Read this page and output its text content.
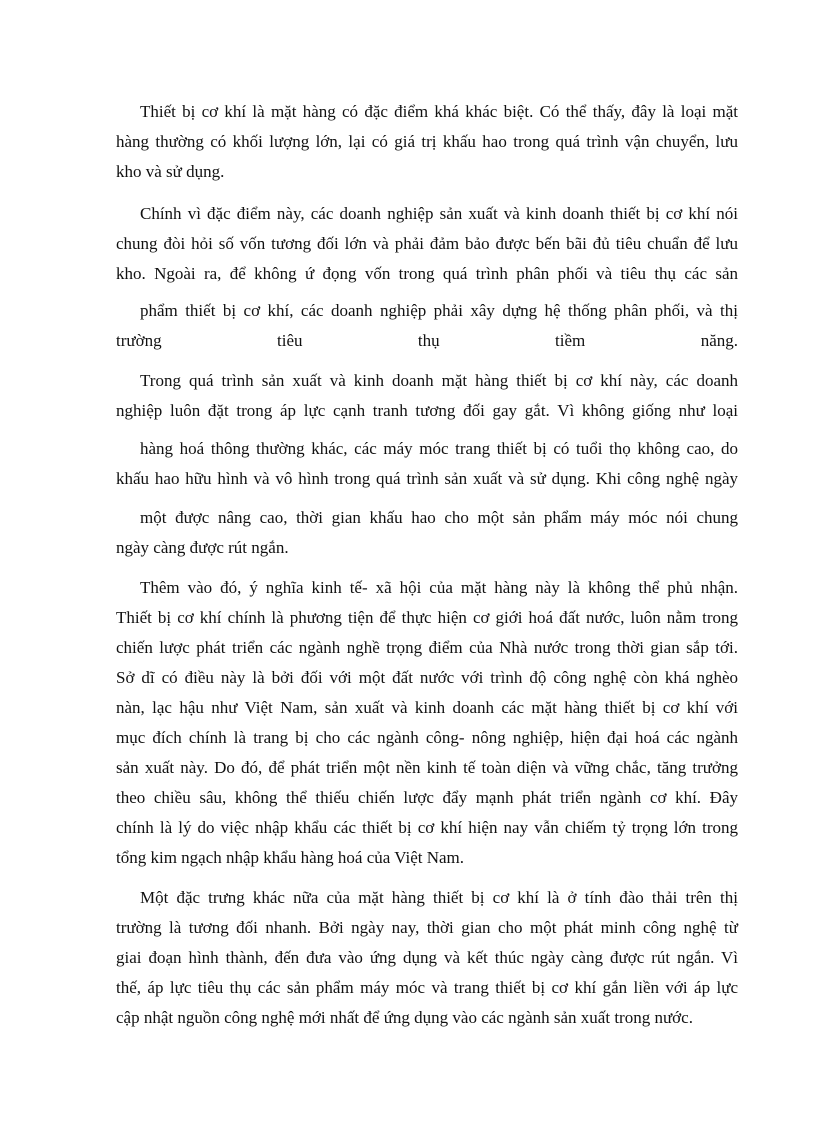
Thiết bị cơ khí là mặt hàng có đặc điểm khá khác biệt. Có thể thấy, đây là loại mặt
hàng thường có khối lượng lớn, lại có giá trị khấu hao trong quá trình vận chuyển, lưu
kho và sử dụng.
Chính vì đặc điểm này, các doanh nghiệp sản xuất và kinh doanh thiết bị cơ khí nói
chung đòi hỏi số vốn tương đối lớn và phải đảm bảo được bến bãi đủ tiêu chuẩn để lưu
kho. Ngoài ra, để không ứ đọng vốn trong quá trình phân phối và tiêu thụ các sản
phẩm thiết bị cơ khí, các doanh nghiệp phải xây dựng hệ thống phân phối, và thị
trường tiêu thụ tiềm năng.
Trong quá trình sản xuất và kinh doanh mặt hàng thiết bị cơ khí này, các doanh
nghiệp luôn đặt trong áp lực cạnh tranh tương đối gay gắt. Vì không giống như loại
hàng hoá thông thường khác, các máy móc trang thiết bị có tuổi thọ không cao, do
khấu hao hữu hình và vô hình trong quá trình sản xuất và sử dụng. Khi công nghệ ngày
một được nâng cao, thời gian khấu hao cho một sản phẩm máy móc nói chung
ngày càng được rút ngắn.
Thêm vào đó, ý nghĩa kinh tế- xã hội của mặt hàng này là không thể phủ nhận.
Thiết bị cơ khí chính là phương tiện để thực hiện cơ giới hoá đất nước, luôn nằm trong
chiến lược phát triển các ngành nghề trọng điểm của Nhà nước trong thời gian sắp tới.
Sở dĩ có điều này là bởi đối với một đất nước với trình độ công nghệ còn khá nghèo
nàn, lạc hậu như Việt Nam, sản xuất và kinh doanh các mặt hàng thiết bị cơ khí với
mục đích chính là trang bị cho các ngành công- nông nghiệp, hiện đại hoá các ngành
sản xuất này. Do đó, để phát triển một nền kinh tế toàn diện và vững chắc, tăng trưởng
theo chiều sâu, không thể thiếu chiến lược đẩy mạnh phát triển ngành cơ khí. Đây
chính là lý do việc nhập khẩu các thiết bị cơ khí hiện nay vẫn chiếm tỷ trọng lớn trong
tổng kim ngạch nhập khẩu hàng hoá của Việt Nam.
Một đặc trưng khác nữa của mặt hàng thiết bị cơ khí là ở tính đào thải trên thị
trường là tương đối nhanh. Bởi ngày nay, thời gian cho một phát minh công nghệ từ
giai đoạn hình thành, đến đưa vào ứng dụng và kết thúc ngày càng được rút ngắn. Vì
thế, áp lực tiêu thụ các sản phẩm máy móc và trang thiết bị cơ khí gắn liền với áp lực
cập nhật nguồn công nghệ mới nhất để ứng dụng vào các ngành sản xuất trong nước.
